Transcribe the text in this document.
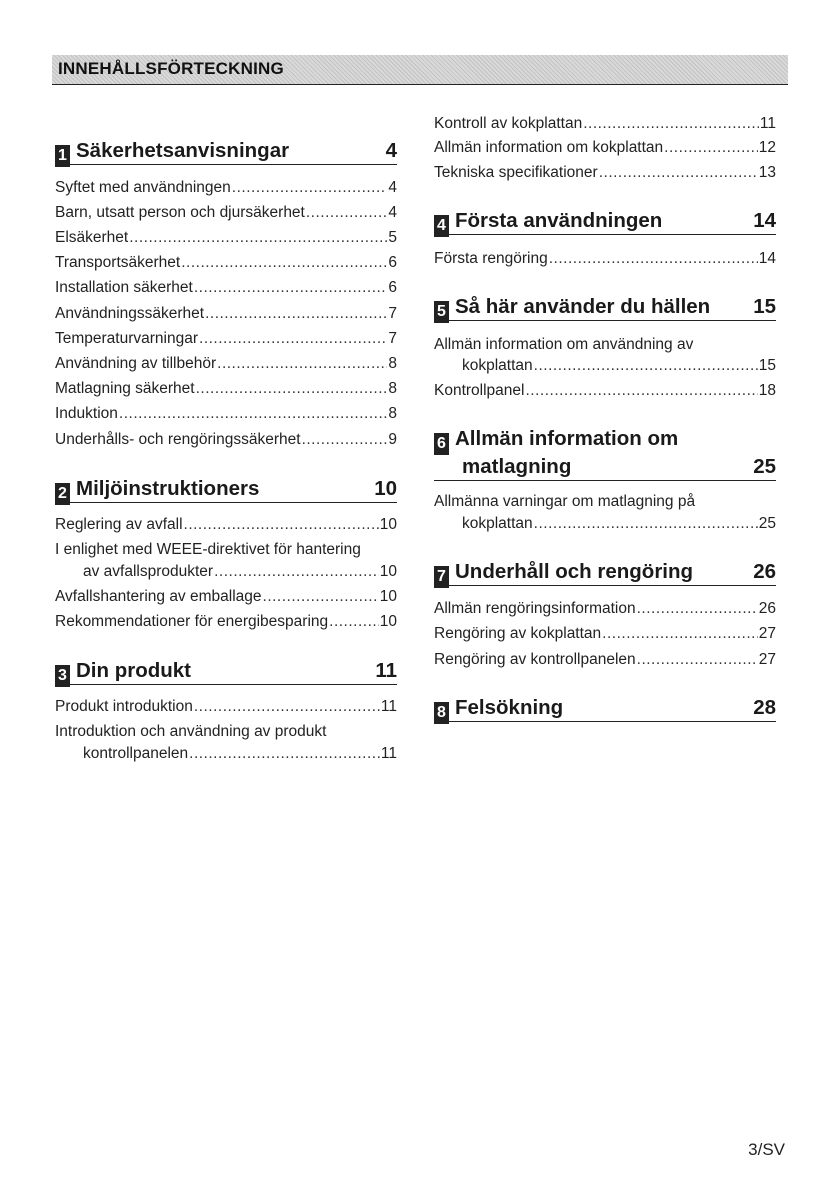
INNEHÅLLSFÖRTECKNING
1 Säkerhetsanvisningar	4
Syftet med användningen .....	4
Barn, utsatt person och djursäkerhet .....	4
Elsäkerhet .....	5
Transportsäkerhet .....	6
Installation säkerhet .....	6
Användningssäkerhet .....	7
Temperaturvarningar .....	7
Användning av tillbehör .....	8
Matlagning säkerhet .....	8
Induktion .....	8
Underhålls- och rengöringssäkerhet .....	9
2 Miljöinstruktioners	10
Reglering av avfall .....	10
I enlighet med WEEE-direktivet för hantering
av avfallsprodukter .....	10
Avfallshantering av emballage .....	10
Rekommendationer för energibesparing .....	10
3 Din produkt	11
Produkt introduktion .....	11
Introduktion och användning av produkt
kontrollpanelen .....	11
Kontroll av kokplattan .....	11
Allmän information om kokplattan .....	12
Tekniska specifikationer .....	13
4 Första användningen	14
Första rengöring .....	14
5 Så här använder du hällen 15
Allmän information om användning av
kokplattan .....	15
Kontrollpanel .....	18
6 Allmän information om
matlagning	25
Allmänna varningar om matlagning på
kokplattan .....	25
7 Underhåll och rengöring	26
Allmän rengöringsinformation .....	26
Rengöring av kokplattan .....	27
Rengöring av kontrollpanelen .....	27
8 Felsökning	28
3/SV
